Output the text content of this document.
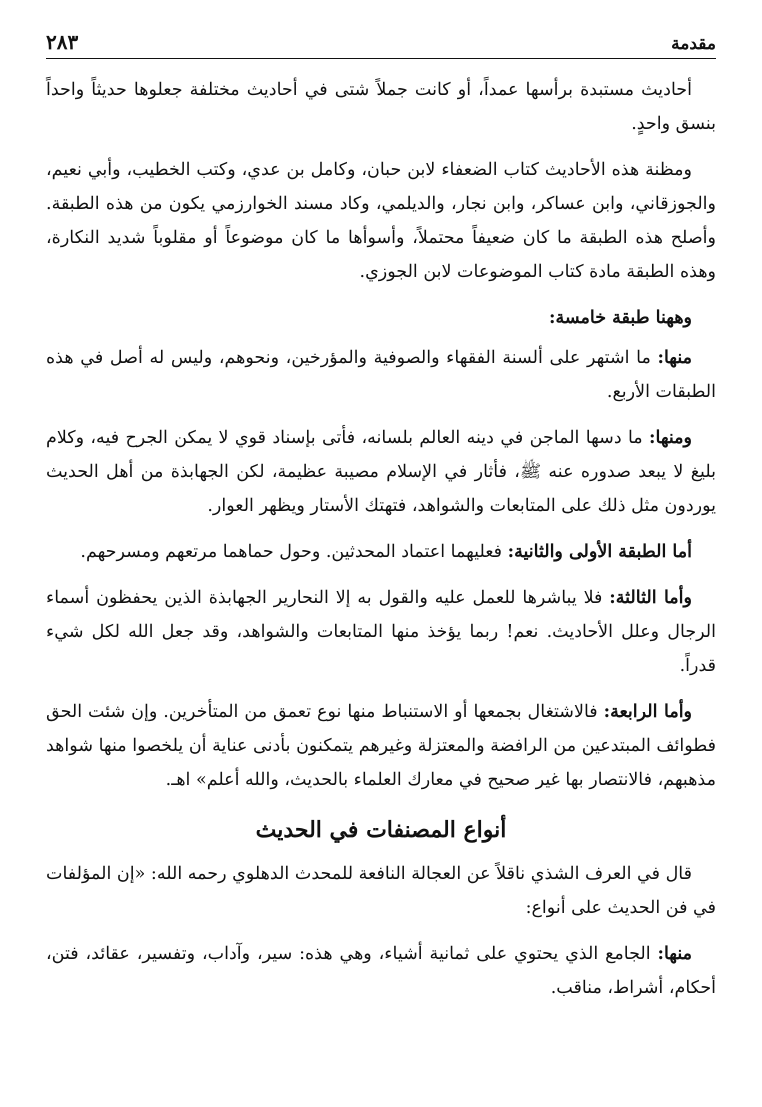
مقدمة
٢٨٣

أحاديث مستبدة برأسها عمداً، أو كانت جملاً شتى في أحاديث مختلفة جعلوها حديثاً واحداً بنسق واحدٍ.

ومظنة هذه الأحاديث كتاب الضعفاء لابن حبان، وكامل بن عدي، وكتب الخطيب، وأبي نعيم، والجوزقاني، وابن عساكر، وابن نجار، والديلمي، وكاد مسند الخوارزمي يكون من هذه الطبقة. وأصلح هذه الطبقة ما كان ضعيفاً محتملاً، وأسوأها ما كان موضوعاً أو مقلوباً شديد النكارة، وهذه الطبقة مادة كتاب الموضوعات لابن الجوزي.

وههنا طبقة خامسة:

منها: ما اشتهر على ألسنة الفقهاء والصوفية والمؤرخين، ونحوهم، وليس له أصل في هذه الطبقات الأربع.

ومنها: ما دسها الماجن في دينه العالم بلسانه، فأتى بإسناد قوي لا يمكن الجرح فيه، وكلام بليغ لا يبعد صدوره عنه ﷺ، فأثار في الإسلام مصيبة عظيمة، لكن الجهابذة من أهل الحديث يوردون مثل ذلك على المتابعات والشواهد، فتهتك الأستار ويظهر العوار.

أما الطبقة الأولى والثانية: فعليهما اعتماد المحدثين. وحول حماهما مرتعهم ومسرحهم.

وأما الثالثة: فلا يباشرها للعمل عليه والقول به إلا النحارير الجهابذة الذين يحفظون أسماء الرجال وعلل الأحاديث. نعم! ربما يؤخذ منها المتابعات والشواهد، وقد جعل الله لكل شيء قدراً.

وأما الرابعة: فالاشتغال بجمعها أو الاستنباط منها نوع تعمق من المتأخرين. وإن شئت الحق فطوائف المبتدعين من الرافضة والمعتزلة وغيرهم يتمكنون بأدنى عناية أن يلخصوا منها شواهد مذهبهم، فالانتصار بها غير صحيح في معارك العلماء بالحديث، والله أعلم» اهـ.

أنواع المصنفات في الحديث

قال في العرف الشذي ناقلاً عن العجالة النافعة للمحدث الدهلوي رحمه الله: «إن المؤلفات في فن الحديث على أنواع:

منها: الجامع الذي يحتوي على ثمانية أشياء، وهي هذه: سير، وآداب، وتفسير، عقائد، فتن، أحكام، أشراط، مناقب.
